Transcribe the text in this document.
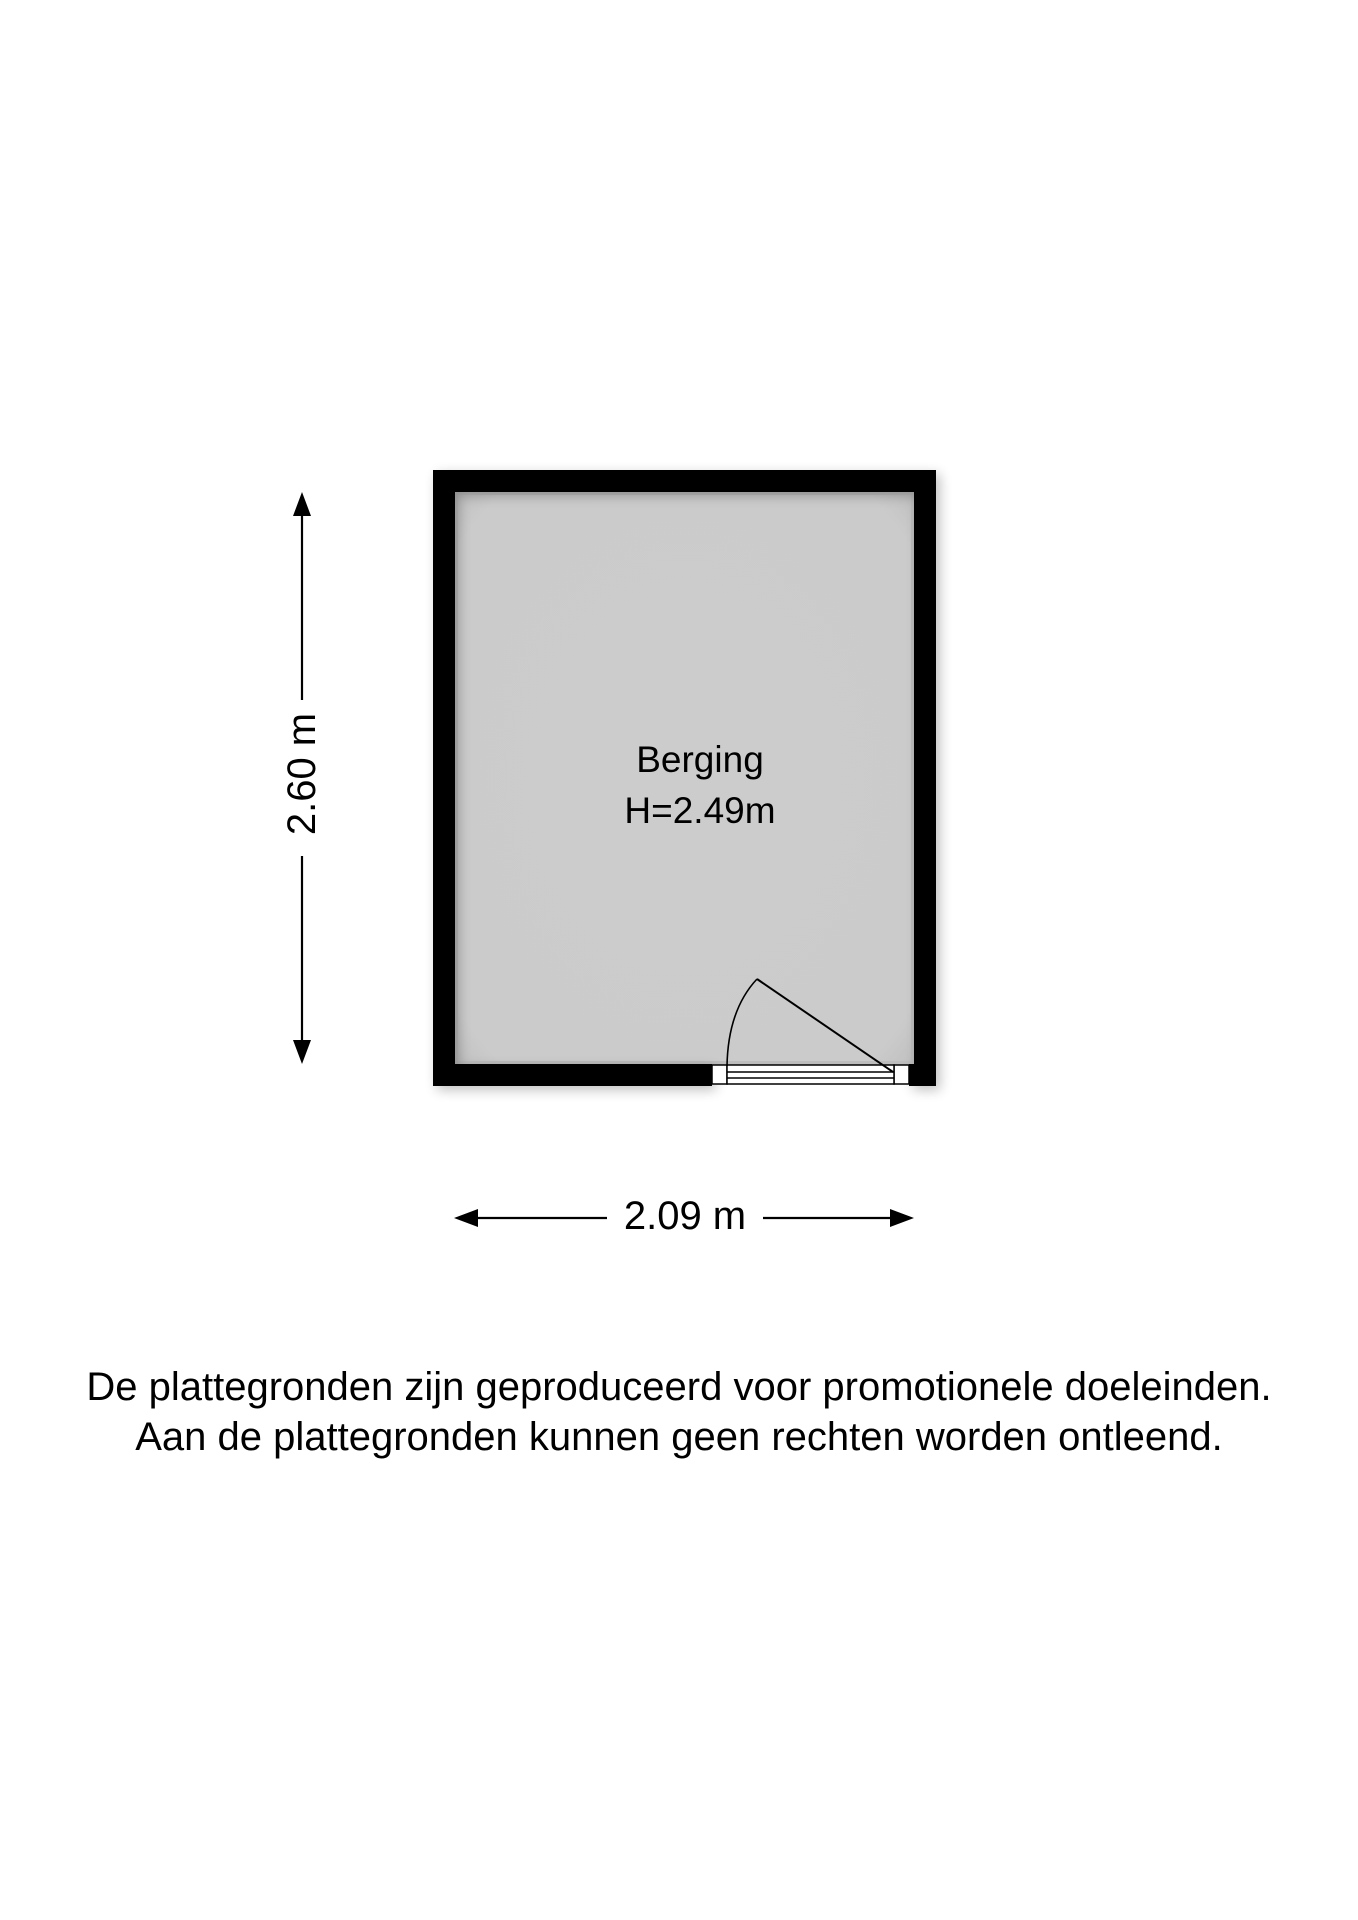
Berging
H=2.49m
2.09 m
2.60 m
De plattegronden zijn geproduceerd voor promotionele doeleinden.
Aan de plattegronden kunnen geen rechten worden ontleend.
